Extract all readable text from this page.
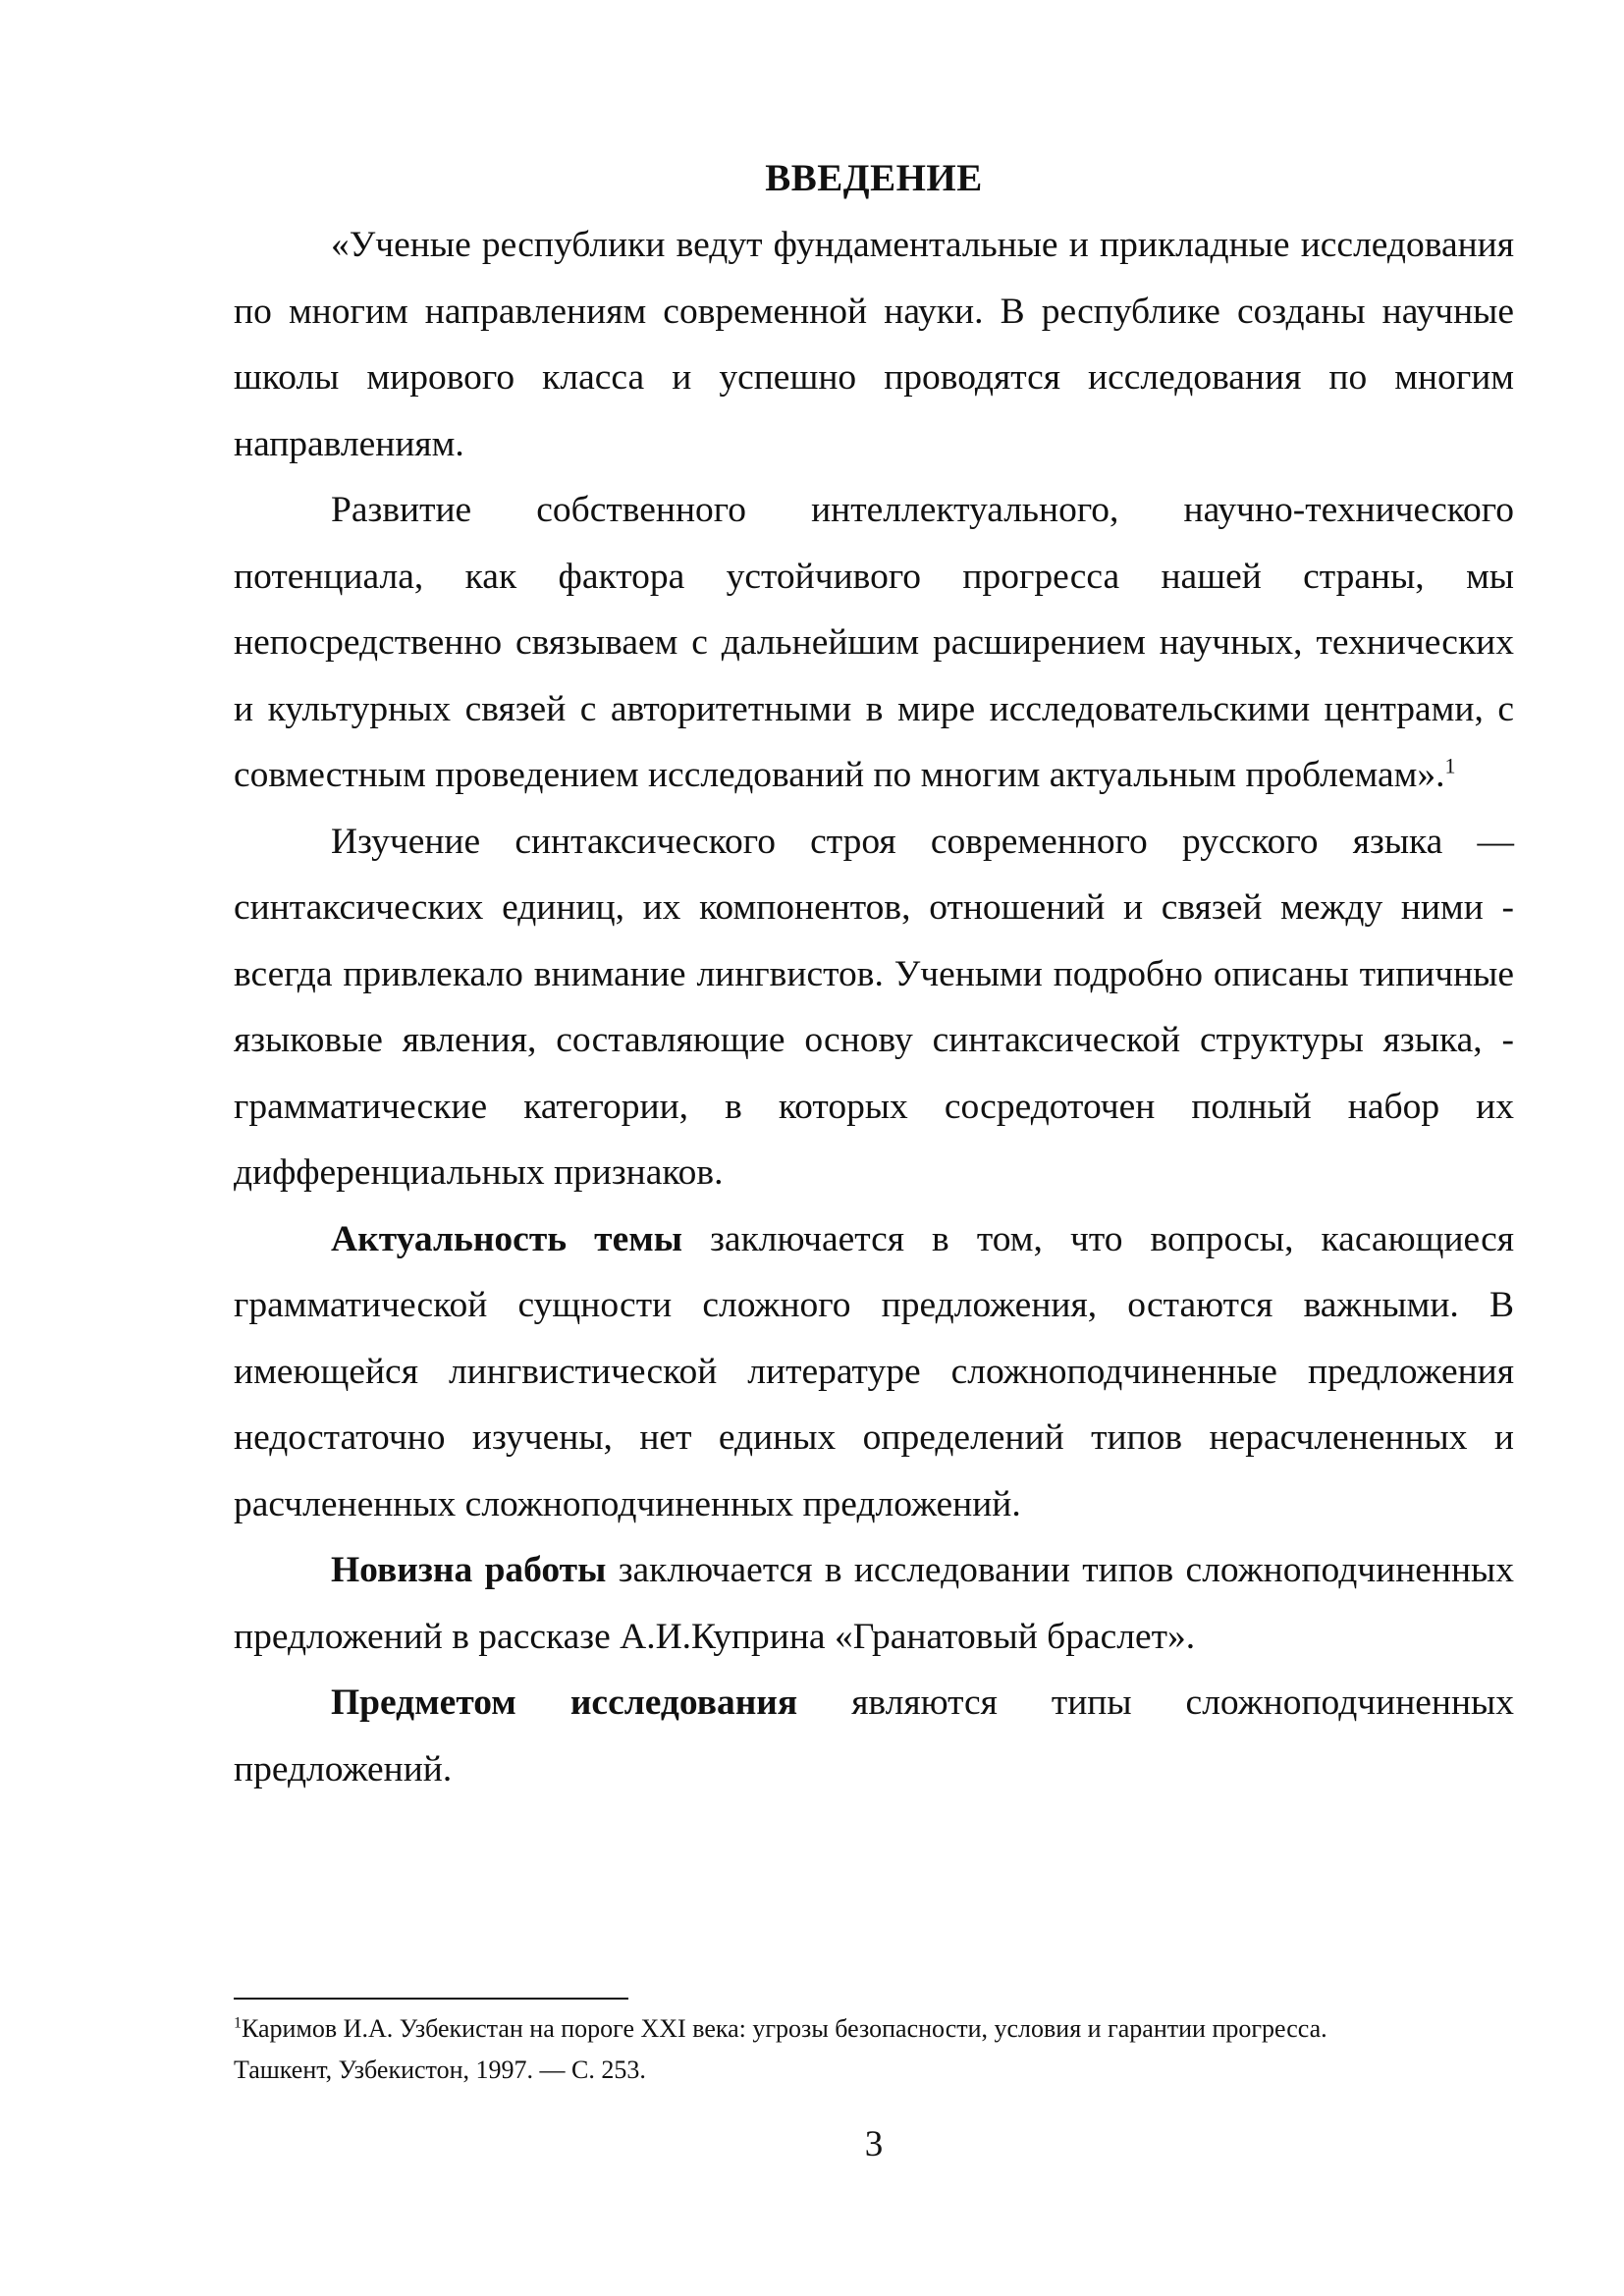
ВВЕДЕНИЕ

«Ученые республики ведут фундаментальные и прикладные исследования по многим направлениям современной науки. В республике созданы научные школы мирового класса и успешно проводятся исследования по многим направлениям.

Развитие собственного интеллектуального, научно-технического потенциала, как фактора устойчивого прогресса нашей страны, мы непосредственно связываем с дальнейшим расширением научных, технических и культурных связей с авторитетными в мире исследовательскими центрами, с совместным проведением исследований по многим актуальным проблемам».$^1$

Изучение синтаксического строя современного русского языка — синтаксических единиц, их компонентов, отношений и связей между ними - всегда привлекало внимание лингвистов. Учеными подробно описаны типичные языковые явления, составляющие основу синтаксической структуры языка, - грамматические категории, в которых сосредоточен полный набор их дифференциальных признаков.

Актуальность темы заключается в том, что вопросы, касающиеся грамматической сущности сложного предложения, остаются важными. В имеющейся лингвистической литературе сложноподчиненные предложения недостаточно изучены, нет единых определений типов нерасчлененных и расчлененных сложноподчиненных предложений.

Новизна работы заключается в исследовании типов сложноподчиненных предложений в рассказе А.И.Куприна «Гранатовый браслет».

Предметом исследования являются типы сложноподчиненных предложений.

$^1$Каримов И.А. Узбекистан на пороге XXI века: угрозы безопасности, условия и гарантии прогресса.
Ташкент, Узбекистон, 1997. — С. 253.
3
